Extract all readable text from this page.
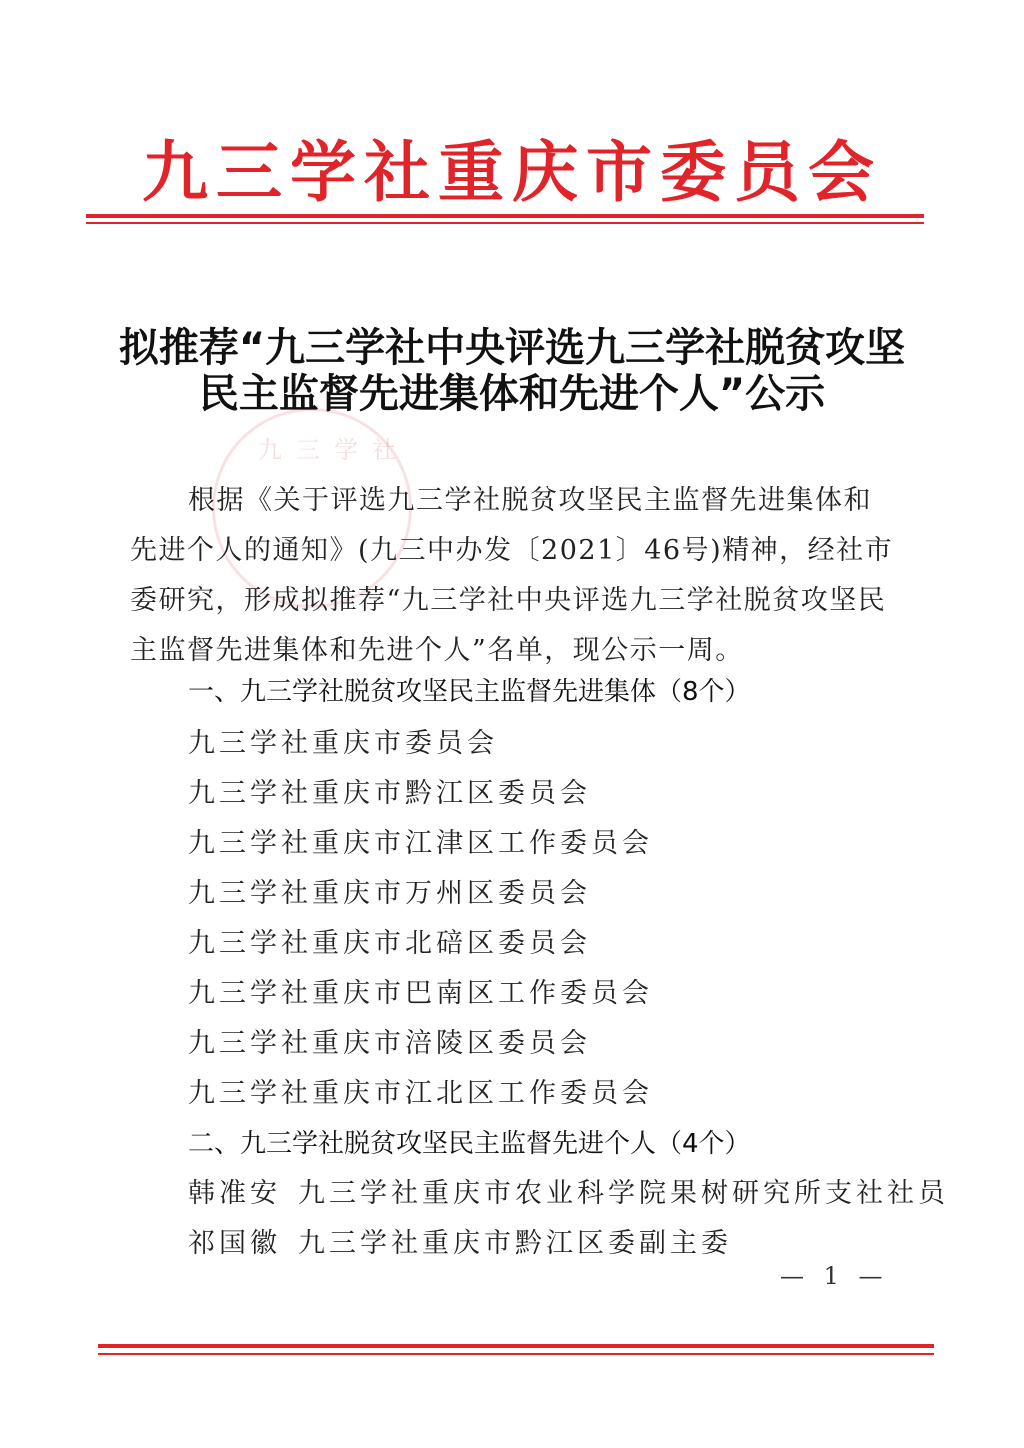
九三学社重庆市委员会
九三学社
拟推荐“九三学社中央评选九三学社脱贫攻坚
民主监督先进集体和先进个人”公示
根据《关于评选九三学社脱贫攻坚民主监督先进集体和先进个人的通知》(九三中办发〔2021〕46号)精神，经社市委研究，形成拟推荐“九三学社中央评选九三学社脱贫攻坚民主监督先进集体和先进个人”名单，现公示一周。
一、九三学社脱贫攻坚民主监督先进集体（8个）
九三学社重庆市委员会
九三学社重庆市黔江区委员会
九三学社重庆市江津区工作委员会
九三学社重庆市万州区委员会
九三学社重庆市北碚区委员会
九三学社重庆市巴南区工作委员会
九三学社重庆市涪陵区委员会
九三学社重庆市江北区工作委员会
二、九三学社脱贫攻坚民主监督先进个人（4个）
韩准安 九三学社重庆市农业科学院果树研究所支社社员
祁国徽 九三学社重庆市黔江区委副主委
— 1 —
